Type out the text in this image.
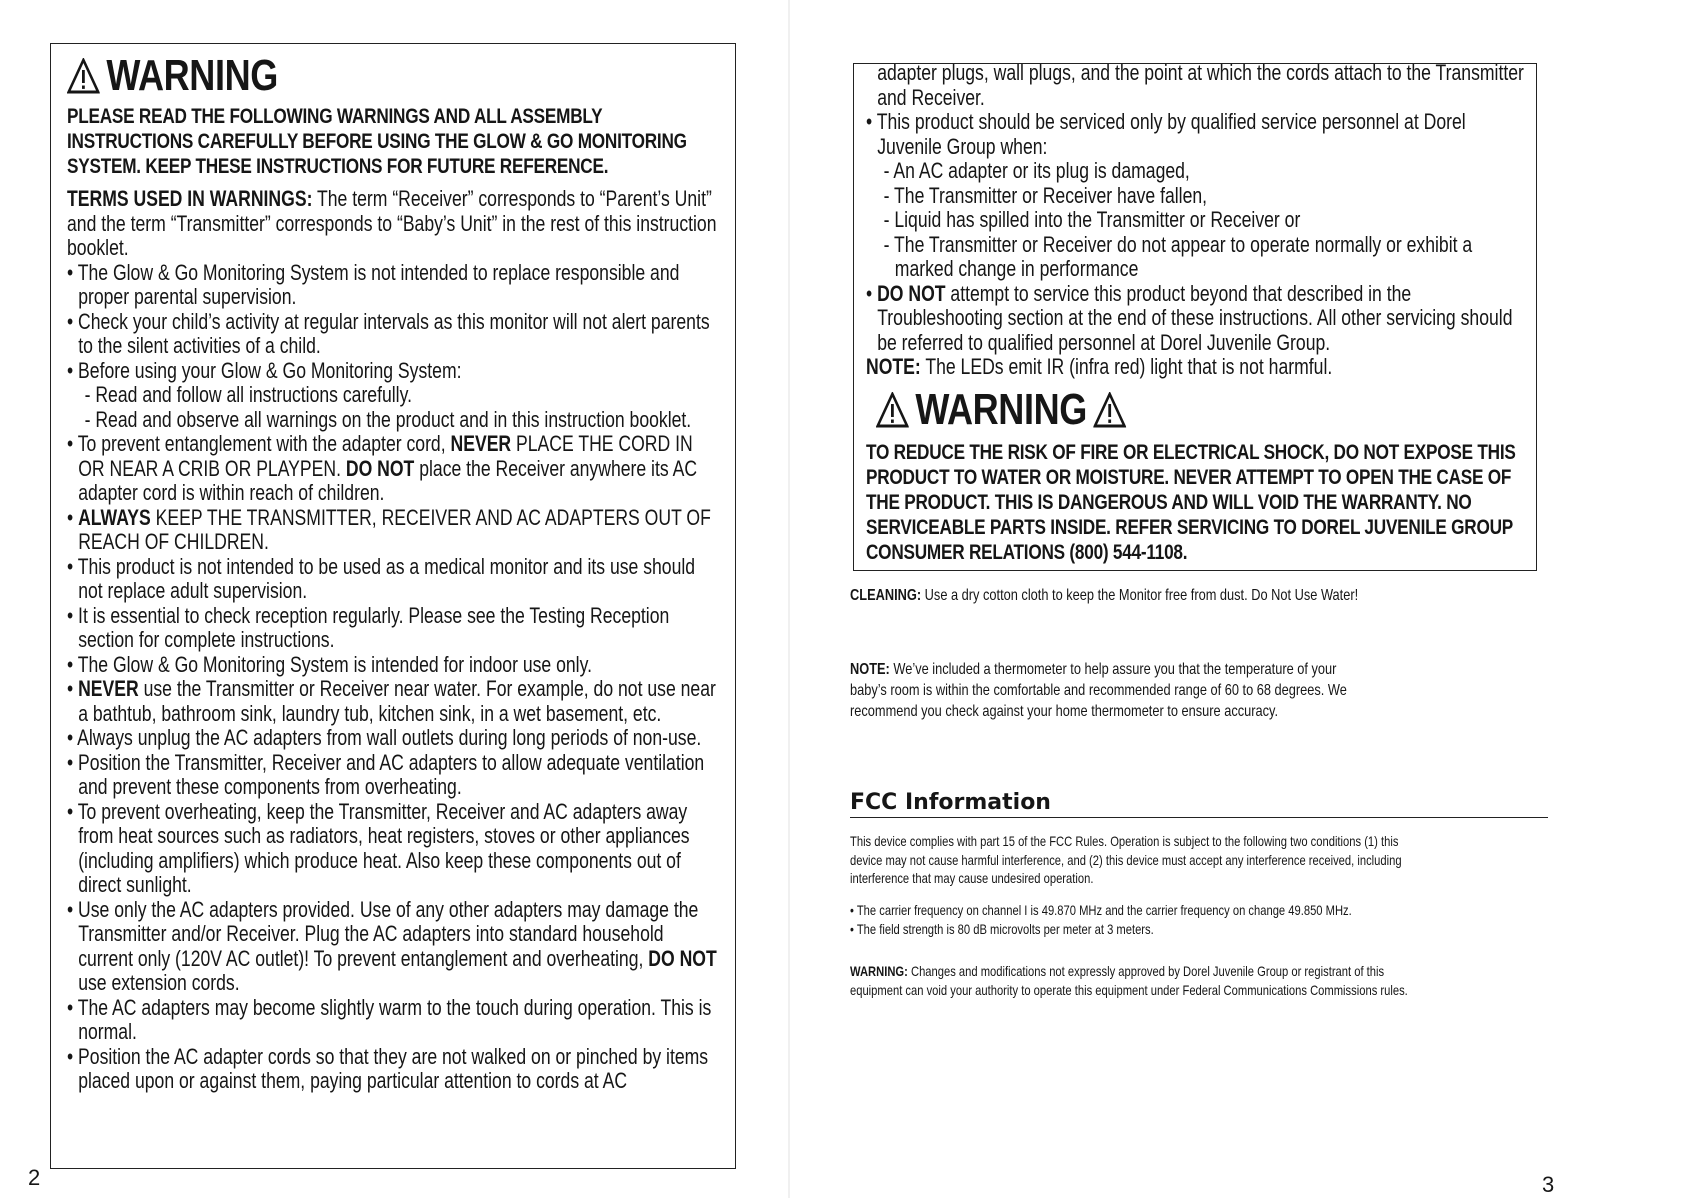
WARNING

PLEASE READ THE FOLLOWING WARNINGS AND ALL ASSEMBLY INSTRUCTIONS CAREFULLY BEFORE USING THE GLOW & GO MONITORING SYSTEM. KEEP THESE INSTRUCTIONS FOR FUTURE REFERENCE.

TERMS USED IN WARNINGS: The term “Receiver” corresponds to “Parent’s Unit” and the term “Transmitter” corresponds to “Baby’s Unit” in the rest of this instruction booklet.
• The Glow & Go Monitoring System is not intended to replace responsible and proper parental supervision.
• Check your child’s activity at regular intervals as this monitor will not alert parents to the silent activities of a child.
• Before using your Glow & Go Monitoring System:
- Read and follow all instructions carefully.
- Read and observe all warnings on the product and in this instruction booklet.
• To prevent entanglement with the adapter cord, NEVER PLACE THE CORD IN OR NEAR A CRIB OR PLAYPEN. DO NOT place the Receiver anywhere its AC adapter cord is within reach of children.
• ALWAYS KEEP THE TRANSMITTER, RECEIVER AND AC ADAPTERS OUT OF REACH OF CHILDREN.
• This product is not intended to be used as a medical monitor and its use should not replace adult supervision.
• It is essential to check reception regularly. Please see the Testing Reception section for complete instructions.
• The Glow & Go Monitoring System is intended for indoor use only.
• NEVER use the Transmitter or Receiver near water. For example, do not use near a bathtub, bathroom sink, laundry tub, kitchen sink, in a wet basement, etc.
• Always unplug the AC adapters from wall outlets during long periods of non-use.
• Position the Transmitter, Receiver and AC adapters to allow adequate ventilation and prevent these components from overheating.
• To prevent overheating, keep the Transmitter, Receiver and AC adapters away from heat sources such as radiators, heat registers, stoves or other appliances (including amplifiers) which produce heat. Also keep these components out of direct sunlight.
• Use only the AC adapters provided. Use of any other adapters may damage the Transmitter and/or Receiver. Plug the AC adapters into standard household current only (120V AC outlet)! To prevent entanglement and overheating, DO NOT use extension cords.
• The AC adapters may become slightly warm to the touch during operation. This is normal.
• Position the AC adapter cords so that they are not walked on or pinched by items placed upon or against them, paying particular attention to cords at AC
2
adapter plugs, wall plugs, and the point at which the cords attach to the Transmitter and Receiver.
• This product should be serviced only by qualified service personnel at Dorel Juvenile Group when:
- An AC adapter or its plug is damaged,
- The Transmitter or Receiver have fallen,
- Liquid has spilled into the Transmitter or Receiver or
- The Transmitter or Receiver do not appear to operate normally or exhibit a marked change in performance
• DO NOT attempt to service this product beyond that described in the Troubleshooting section at the end of these instructions. All other servicing should be referred to qualified personnel at Dorel Juvenile Group.
NOTE: The LEDs emit IR (infra red) light that is not harmful.
WARNING

TO REDUCE THE RISK OF FIRE OR ELECTRICAL SHOCK, DO NOT EXPOSE THIS PRODUCT TO WATER OR MOISTURE. NEVER ATTEMPT TO OPEN THE CASE OF THE PRODUCT. THIS IS DANGEROUS AND WILL VOID THE WARRANTY. NO SERVICEABLE PARTS INSIDE. REFER SERVICING TO DOREL JUVENILE GROUP CONSUMER RELATIONS (800) 544-1108.

CLEANING: Use a dry cotton cloth to keep the Monitor free from dust. Do Not Use Water!
NOTE: We’ve included a thermometer to help assure you that the temperature of your baby’s room is within the comfortable and recommended range of 60 to 68 degrees. We recommend you check against your home thermometer to ensure accuracy.
FCC Information
This device complies with part 15 of the FCC Rules. Operation is subject to the following two conditions (1) this device may not cause harmful interference, and (2) this device must accept any interference received, including interference that may cause undesired operation.
• The carrier frequency on channel I is 49.870 MHz and the carrier frequency on change 49.850 MHz.
• The field strength is 80 dB microvolts per meter at 3 meters.
WARNING: Changes and modifications not expressly approved by Dorel Juvenile Group or registrant of this equipment can void your authority to operate this equipment under Federal Communications Commissions rules.
3
